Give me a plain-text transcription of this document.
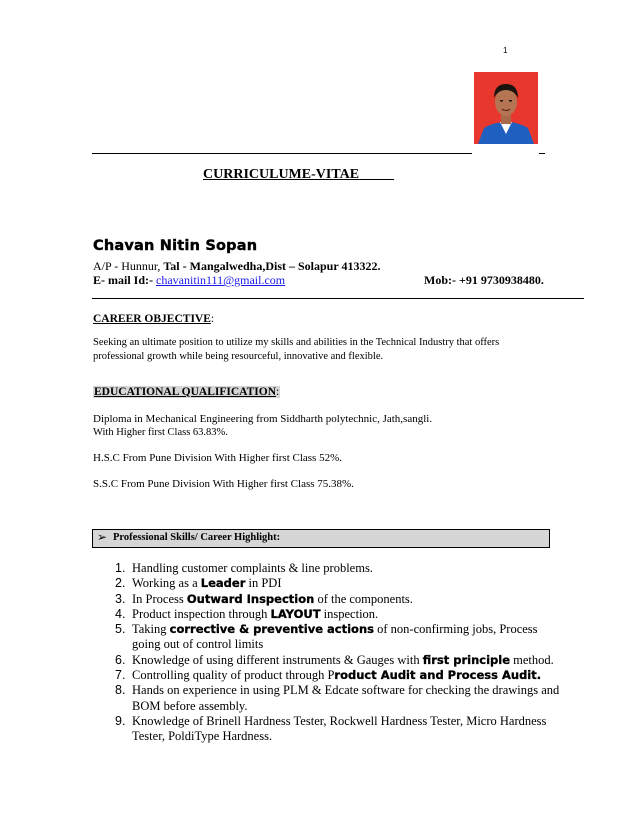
1
CURRICULUME-VITAE
Chavan Nitin Sopan
A/P - Hunnur, Tal - Mangalwedha,Dist – Solapur 413322.
E- mail Id:- chavanitin111@gmail.com	Mob:- +91 9730938480.
CAREER OBJECTIVE:
Seeking an ultimate position to utilize my skills and abilities in the Technical Industry that offers professional growth while being resourceful, innovative and flexible.
EDUCATIONAL QUALIFICATION:
Diploma in Mechanical Engineering from Siddharth polytechnic, Jath,sangli.
With Higher first Class 63.83%.
H.S.C From Pune Division With Higher first Class 52%.
S.S.C From Pune Division With Higher first Class 75.38%.
➢ Professional Skills/ Career Highlight:
1. Handling customer complaints & line problems.
2. Working as a Leader in PDI
3. In Process Outward Inspection of the components.
4. Product inspection through LAYOUT inspection.
5. Taking corrective & preventive actions of non-confirming jobs, Process going out of control limits
6. Knowledge of using different instruments & Gauges with first principle method.
7. Controlling quality of product through Product Audit and Process Audit.
8. Hands on experience in using PLM & Edcate software for checking the drawings and BOM before assembly.
9. Knowledge of Brinell Hardness Tester, Rockwell Hardness Tester, Micro Hardness Tester, PoldiType Hardness.
